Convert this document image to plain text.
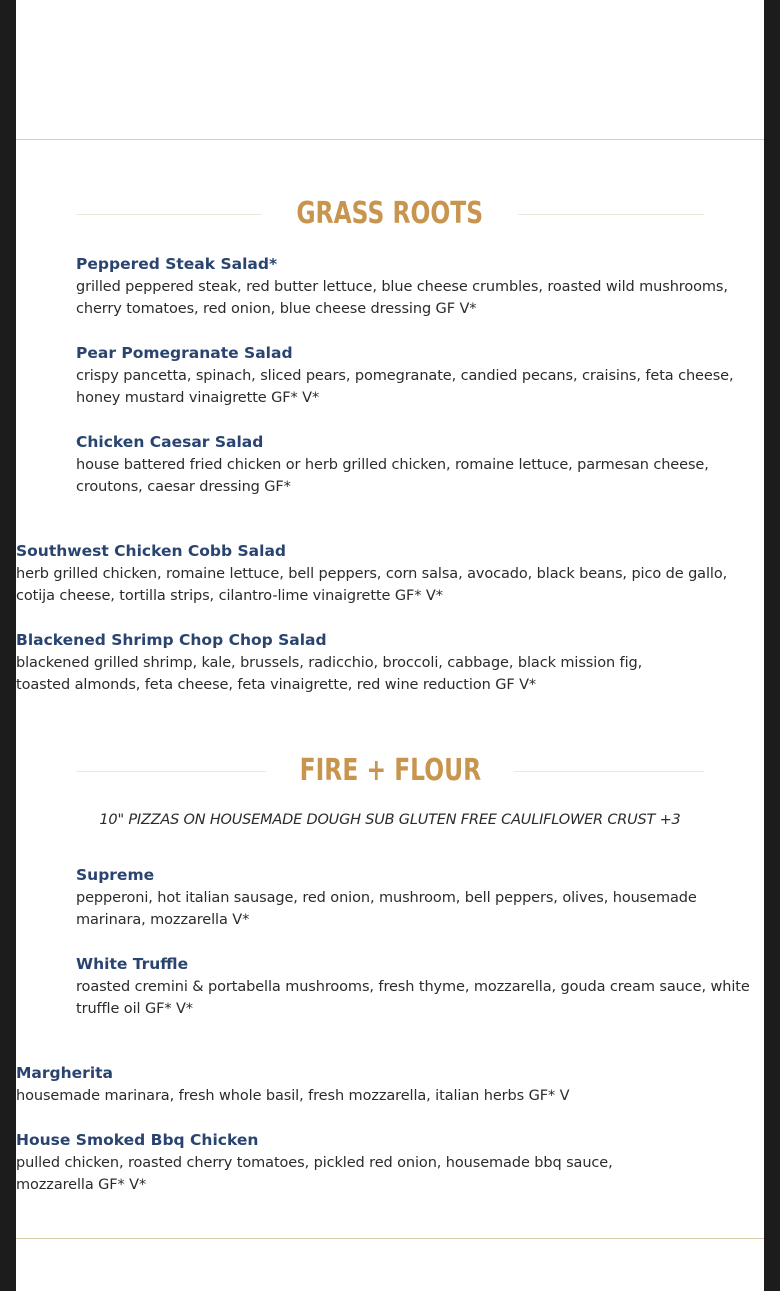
GRASS ROOTS
Peppered Steak Salad*
grilled peppered steak, red butter lettuce, blue cheese crumbles, roasted wild mushrooms, cherry tomatoes, red onion, blue cheese dressing GF V*
Pear Pomegranate Salad
crispy pancetta, spinach, sliced pears, pomegranate, candied pecans, craisins, feta cheese, honey mustard vinaigrette GF* V*
Chicken Caesar Salad
house battered fried chicken or herb grilled chicken, romaine lettuce, parmesan cheese, croutons, caesar dressing GF*
Southwest Chicken Cobb Salad
herb grilled chicken, romaine lettuce, bell peppers, corn salsa, avocado, black beans, pico de gallo, cotija cheese, tortilla strips, cilantro-lime vinaigrette GF* V*
Blackened Shrimp Chop Chop Salad
blackened grilled shrimp, kale, brussels, radicchio, broccoli, cabbage, black mission fig, toasted almonds, feta cheese, feta vinaigrette, red wine reduction GF V*
FIRE + FLOUR
10" PIZZAS ON HOUSEMADE DOUGH SUB GLUTEN FREE CAULIFLOWER CRUST +3
Supreme
pepperoni, hot italian sausage, red onion, mushroom, bell peppers, olives, housemade marinara, mozzarella V*
White Truffle
roasted cremini & portabella mushrooms, fresh thyme, mozzarella, gouda cream sauce, white truffle oil GF* V*
Margherita
housemade marinara, fresh whole basil, fresh mozzarella, italian herbs GF* V
House Smoked Bbq Chicken
pulled chicken, roasted cherry tomatoes, pickled red onion, housemade bbq sauce, mozzarella GF* V*
